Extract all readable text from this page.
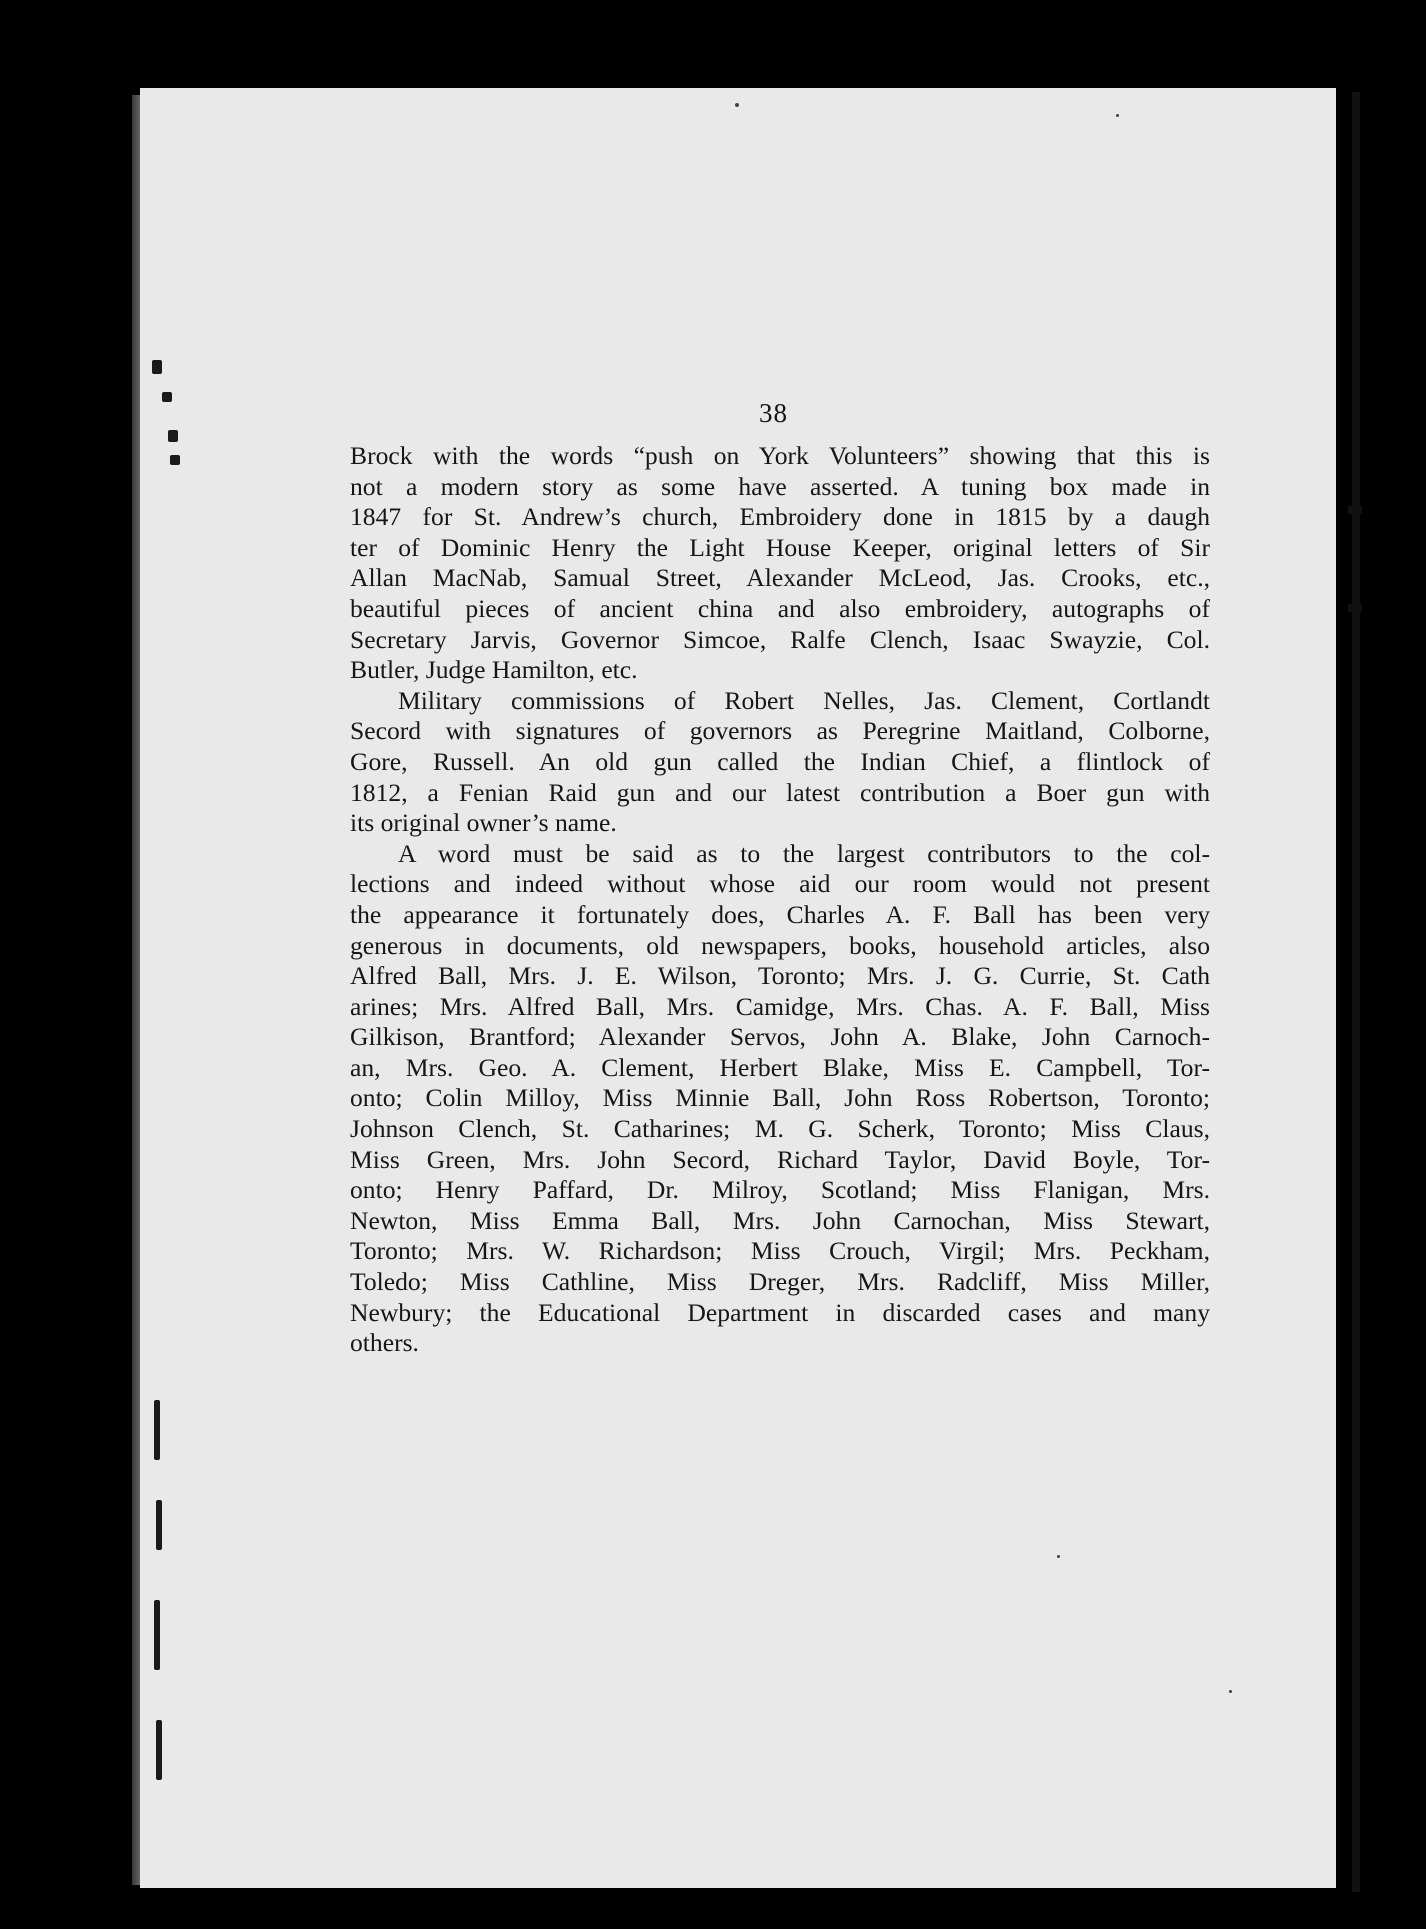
38
Brock with the words “push on York Volunteers” showing that this is
not a modern story as some have asserted. A tuning box made in
1847 for St. Andrew’s church, Embroidery done in 1815 by a daugh
ter of Dominic Henry the Light House Keeper, original letters of Sir
Allan MacNab, Samual Street, Alexander McLeod, Jas. Crooks, etc.,
beautiful pieces of ancient china and also embroidery, autographs of
Secretary Jarvis, Governor Simcoe, Ralfe Clench, Isaac Swayzie, Col.
Butler, Judge Hamilton, etc.
Military commissions of Robert Nelles, Jas. Clement, Cortlandt
Secord with signatures of governors as Peregrine Maitland, Colborne,
Gore, Russell. An old gun called the Indian Chief, a flintlock of
1812, a Fenian Raid gun and our latest contribution a Boer gun with
its original owner’s name.
A word must be said as to the largest contributors to the col-
lections and indeed without whose aid our room would not present
the appearance it fortunately does, Charles A. F. Ball has been very
generous in documents, old newspapers, books, household articles, also
Alfred Ball, Mrs. J. E. Wilson, Toronto; Mrs. J. G. Currie, St. Cath
arines; Mrs. Alfred Ball, Mrs. Camidge, Mrs. Chas. A. F. Ball, Miss
Gilkison, Brantford; Alexander Servos, John A. Blake, John Carnoch-
an, Mrs. Geo. A. Clement, Herbert Blake, Miss E. Campbell, Tor-
onto; Colin Milloy, Miss Minnie Ball, John Ross Robertson, Toronto;
Johnson Clench, St. Catharines; M. G. Scherk, Toronto; Miss Claus,
Miss Green, Mrs. John Secord, Richard Taylor, David Boyle, Tor-
onto; Henry Paffard, Dr. Milroy, Scotland; Miss Flanigan, Mrs.
Newton, Miss Emma Ball, Mrs. John Carnochan, Miss Stewart,
Toronto; Mrs. W. Richardson; Miss Crouch, Virgil; Mrs. Peckham,
Toledo; Miss Cathline, Miss Dreger, Mrs. Radcliff, Miss Miller,
Newbury; the Educational Department in discarded cases and many
others.
